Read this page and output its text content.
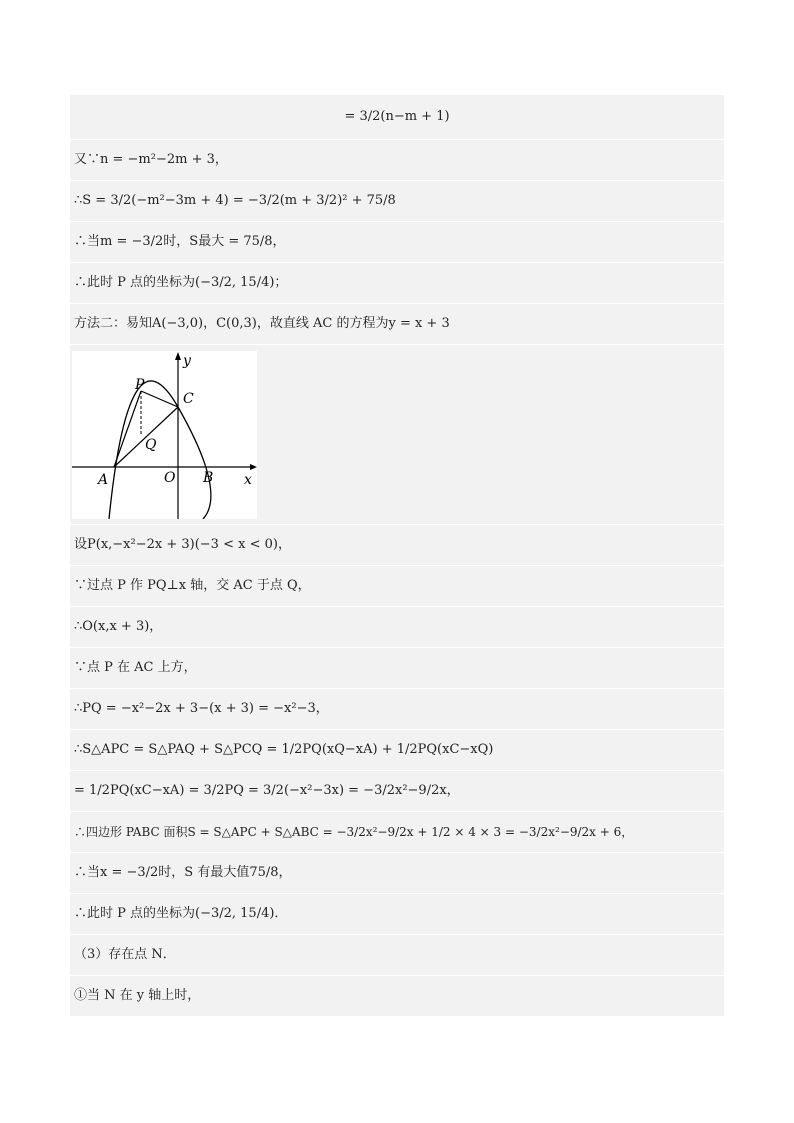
= 3/2(n−m + 1)
又∵n = −m²−2m + 3，
∴S = 3/2(−m²−3m + 4) = −3/2(m + 3/2)² + 75/8
∴当m = −3/2时，S最大 = 75/8，
∴此时 P 点的坐标为(−3/2, 15/4)；
方法二：易知A(−3,0)，C(0,3)，故直线 AC 的方程为y = x + 3
P
C
Q
A	O B x
y
设P(x,−x²−2x + 3)(−3 < x < 0)，
∵过点 P 作 PQ⊥x 轴，交 AC 于点 Q，
∴O(x,x + 3)，
∵点 P 在 AC 上方，
∴PQ = −x²−2x + 3−(x + 3) = −x²−3，
∴S△APC = S△PAQ + S△PCQ = 1/2PQ(xQ−xA) + 1/2PQ(xC−xQ)
= 1/2PQ(xC−xA) = 3/2PQ = 3/2(−x²−3x) = −3/2x²−9/2x，
∴四边形 PABC 面积S = S△APC + S△ABC = −3/2x²−9/2x + 1/2 × 4 × 3 = −3/2x²−9/2x + 6，
∴当x = −3/2时，S 有最大值75/8，
∴此时 P 点的坐标为(−3/2, 15/4)．
（3）存在点 N．
①当 N 在 y 轴上时，
